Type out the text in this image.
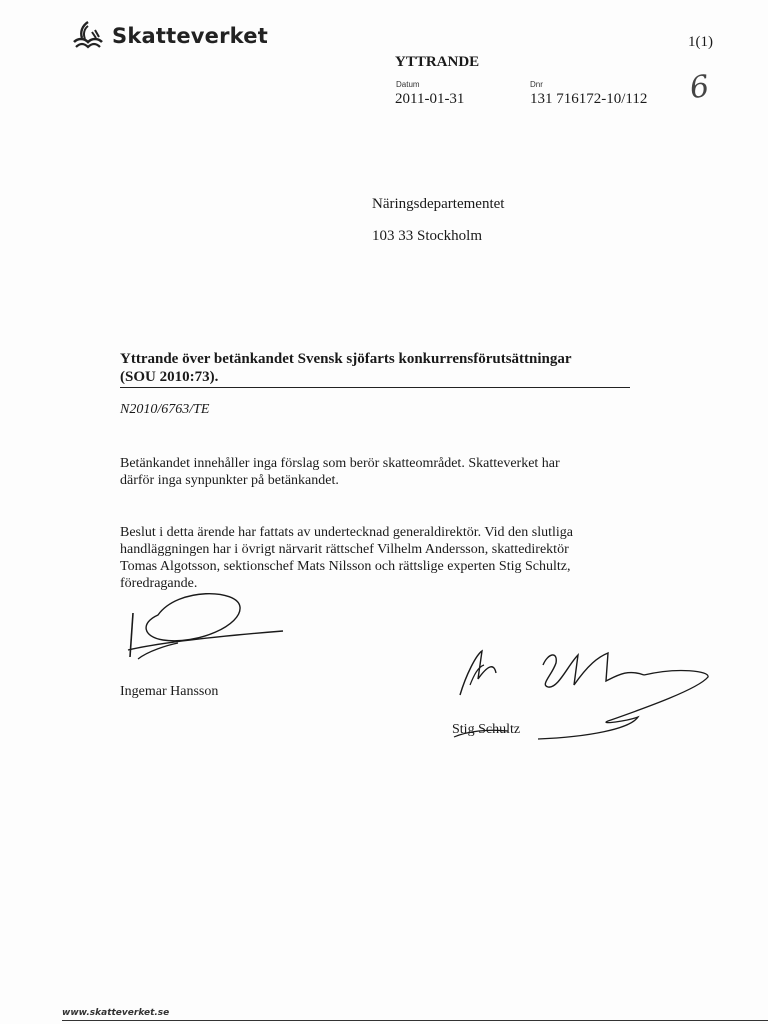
Skatteverket	1(1)
YTTRANDE
Datum
2011-01-31
Dnr
131 716172-10/112 6
Näringsdepartementet
103 33 Stockholm
Yttrande över betänkandet Svensk sjöfarts konkurrensförutsättningar
(SOU 2010:73).
N2010/6763/TE
Betänkandet innehåller inga förslag som berör skatteområdet. Skatteverket har
därför inga synpunkter på betänkandet.
Beslut i detta ärende har fattats av undertecknad generaldirektör. Vid den slutliga
handläggningen har i övrigt närvarit rättschef Vilhelm Andersson, skattedirektör
Tomas Algotsson, sektionschef Mats Nilsson och rättslige experten Stig Schultz,
föredragande.
Ingemar Hansson
Stig Schultz
www.skatteverket.se
